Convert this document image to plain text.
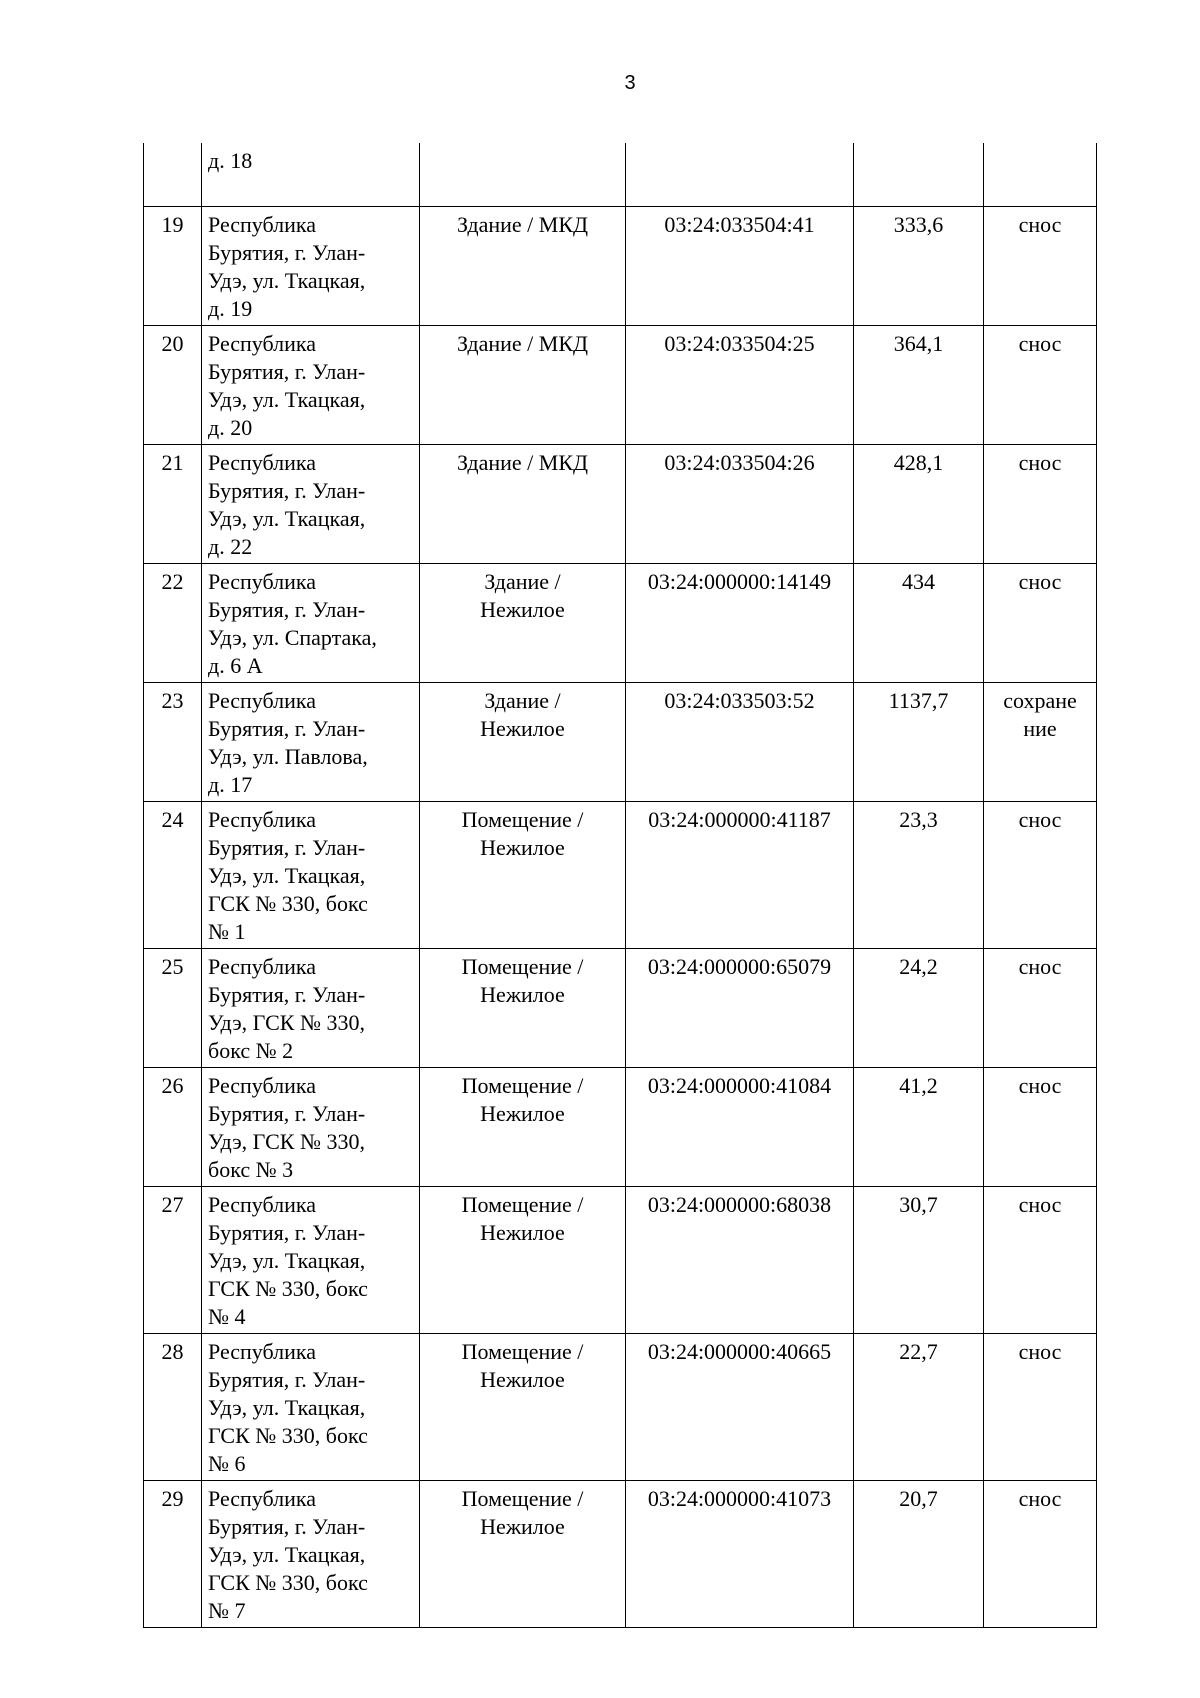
3

	д. 18				

19	Республика
Бурятия, г. Улан-
Удэ, ул. Ткацкая,
д. 19	Здание / МКД	03:24:033504:41	333,6	снос

20	Республика
Бурятия, г. Улан-
Удэ, ул. Ткацкая,
д. 20	Здание / МКД	03:24:033504:25	364,1	снос

21	Республика
Бурятия, г. Улан-
Удэ, ул. Ткацкая,
д. 22	Здание / МКД	03:24:033504:26	428,1	снос

22	Республика
Бурятия, г. Улан-
Удэ, ул. Спартака,
д. 6 А	Здание /
Нежилое	03:24:000000:14149	434	снос

23	Республика
Бурятия, г. Улан-
Удэ, ул. Павлова,
д. 17	Здание /
Нежилое	03:24:033503:52	1137,7	сохране
ние

24	Республика
Бурятия, г. Улан-
Удэ, ул. Ткацкая,
ГСК № 330, бокс
№ 1	Помещение /
Нежилое	03:24:000000:41187	23,3	снос

25	Республика
Бурятия, г. Улан-
Удэ, ГСК № 330,
бокс № 2	Помещение /
Нежилое	03:24:000000:65079	24,2	снос

26	Республика
Бурятия, г. Улан-
Удэ, ГСК № 330,
бокс № 3	Помещение /
Нежилое	03:24:000000:41084	41,2	снос

27	Республика
Бурятия, г. Улан-
Удэ, ул. Ткацкая,
ГСК № 330, бокс
№ 4	Помещение /
Нежилое	03:24:000000:68038	30,7	снос

28	Республика
Бурятия, г. Улан-
Удэ, ул. Ткацкая,
ГСК № 330, бокс
№ 6	Помещение /
Нежилое	03:24:000000:40665	22,7	снос

29	Республика
Бурятия, г. Улан-
Удэ, ул. Ткацкая,
ГСК № 330, бокс
№ 7	Помещение /
Нежилое	03:24:000000:41073	20,7	снос
